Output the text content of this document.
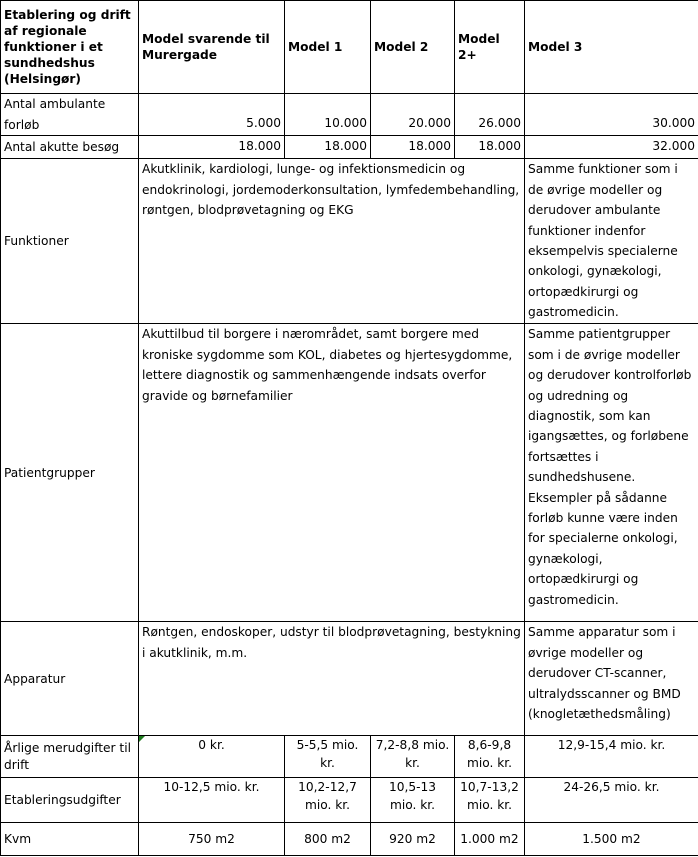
Etablering og drift af regionale funktioner i et sundhedshus (Helsingør)	Model svarende til Murergade	Model 1	Model 2	Model 2+	Model 3
Antal ambulante forløb	5.000	10.000	20.000	26.000	30.000
Antal akutte besøg	18.000	18.000	18.000	18.000	32.000
Funktioner	Akutklinik, kardiologi, lunge- og infektionsmedicin og endokrinologi, jordemoderkonsultation, lymfedembehandling, røntgen, blodprøvetagning og EKG				Samme funktioner som i de øvrige modeller og derudover ambulante funktioner indenfor eksempelvis specialerne onkologi, gynækologi, ortopædkirurgi og gastromedicin.
Patientgrupper	Akuttilbud til borgere i nærområdet, samt borgere med kroniske sygdomme som KOL, diabetes og hjertesygdomme, lettere diagnostik og sammenhængende indsats overfor gravide og børnefamilier				Samme patientgrupper som i de øvrige modeller og derudover kontrolforløb og udredning og diagnostik, som kan igangsættes, og forløbene fortsættes i sundhedshusene. Eksempler på sådanne forløb kunne være inden for specialerne onkologi, gynækologi, ortopædkirurgi og gastromedicin.
Apparatur	Røntgen, endoskoper, udstyr til blodprøvetagning, bestykning i akutklinik, m.m.				Samme apparatur som i øvrige modeller og derudover CT-scanner, ultralydsscanner og BMD (knogletæthedsmåling)
Årlige merudgifter til drift	0 kr.	5-5,5 mio. kr.	7,2-8,8 mio. kr.	8,6-9,8 mio. kr.	12,9-15,4 mio. kr.
Etableringsudgifter	10-12,5 mio. kr.	10,2-12,7 mio. kr.	10,5-13 mio. kr.	10,7-13,2 mio. kr.	24-26,5 mio. kr.
Kvm	750 m2	800 m2	920 m2	1.000 m2	1.500 m2
